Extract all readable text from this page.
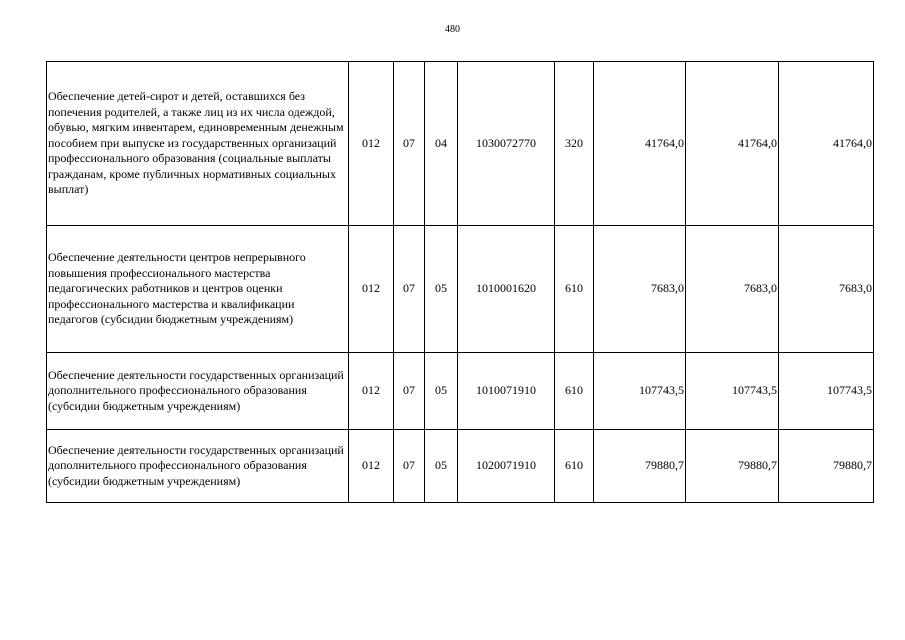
480
Обеспечение детей-сирот и детей, оставшихся без попечения родителей, а также лиц из их числа одеждой, обувью, мягким инвентарем, единовременным денежным пособием при выпуске из государственных организаций профессионального образования (социальные выплаты гражданам, кроме публичных нормативных социальных выплат)	012	07	04	1030072770	320	41764,0	41764,0	41764,0
Обеспечение деятельности центров непрерывного повышения профессионального мастерства педагогических работников и центров оценки профессионального мастерства и квалификации педагогов (субсидии бюджетным учреждениям)	012	07	05	1010001620	610	7683,0	7683,0	7683,0
Обеспечение деятельности государственных организаций дополнительного профессионального образования (субсидии бюджетным учреждениям)	012	07	05	1010071910	610	107743,5	107743,5	107743,5
Обеспечение деятельности государственных организаций дополнительного профессионального образования (субсидии бюджетным учреждениям)	012	07	05	1020071910	610	79880,7	79880,7	79880,7
